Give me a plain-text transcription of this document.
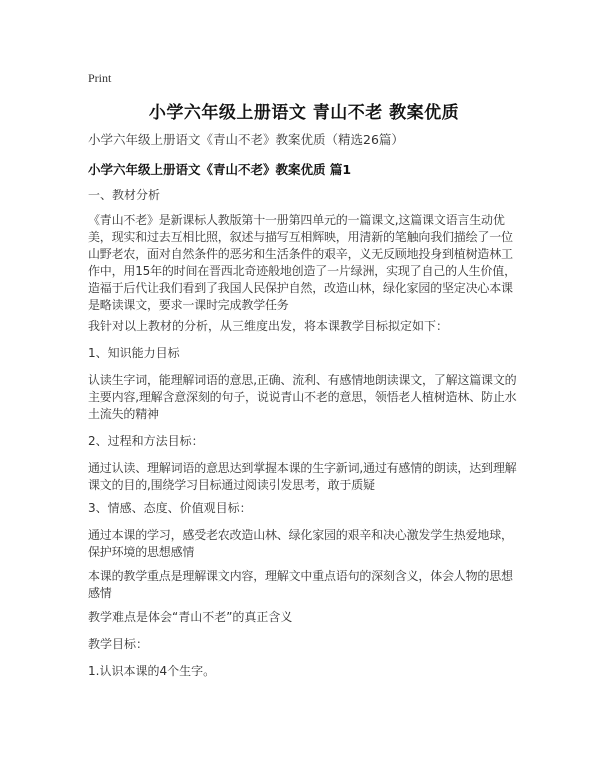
Print
小学六年级上册语文 青山不老 教案优质
小学六年级上册语文《青山不老》教案优质（精选26篇）
小学六年级上册语文《青山不老》教案优质 篇1

一、教材分析

《青山不老》是新课标人教版第十一册第四单元的一篇课文,这篇课文语言生动优美，现实和过去互相比照，叙述与描写互相辉映，用清新的笔触向我们描绘了一位山野老农，面对自然条件的恶劣和生活条件的艰辛，义无反顾地投身到植树造林工作中，用15年的时间在晋西北奇迹般地创造了一片绿洲，实现了自己的人生价值，造福于后代让我们看到了我国人民保护自然，改造山林，绿化家园的坚定决心本课是略读课文，要求一课时完成教学任务

我针对以上教材的分析，从三维度出发，将本课教学目标拟定如下：

1、知识能力目标

认读生字词，能理解词语的意思,正确、流利、有感情地朗读课文，了解这篇课文的主要内容,理解含意深刻的句子，说说青山不老的意思，领悟老人植树造林、防止水土流失的精神

2、过程和方法目标：

通过认读、理解词语的意思达到掌握本课的生字新词,通过有感情的朗读，达到理解课文的目的,围绕学习目标通过阅读引发思考，敢于质疑

3、情感、态度、价值观目标：

通过本课的学习，感受老农改造山林、绿化家园的艰辛和决心激发学生热爱地球，保护环境的思想感情

本课的教学重点是理解课文内容，理解文中重点语句的深刻含义，体会人物的思想感情

教学难点是体会“青山不老”的真正含义

教学目标：

1.认识本课的4个生字。
